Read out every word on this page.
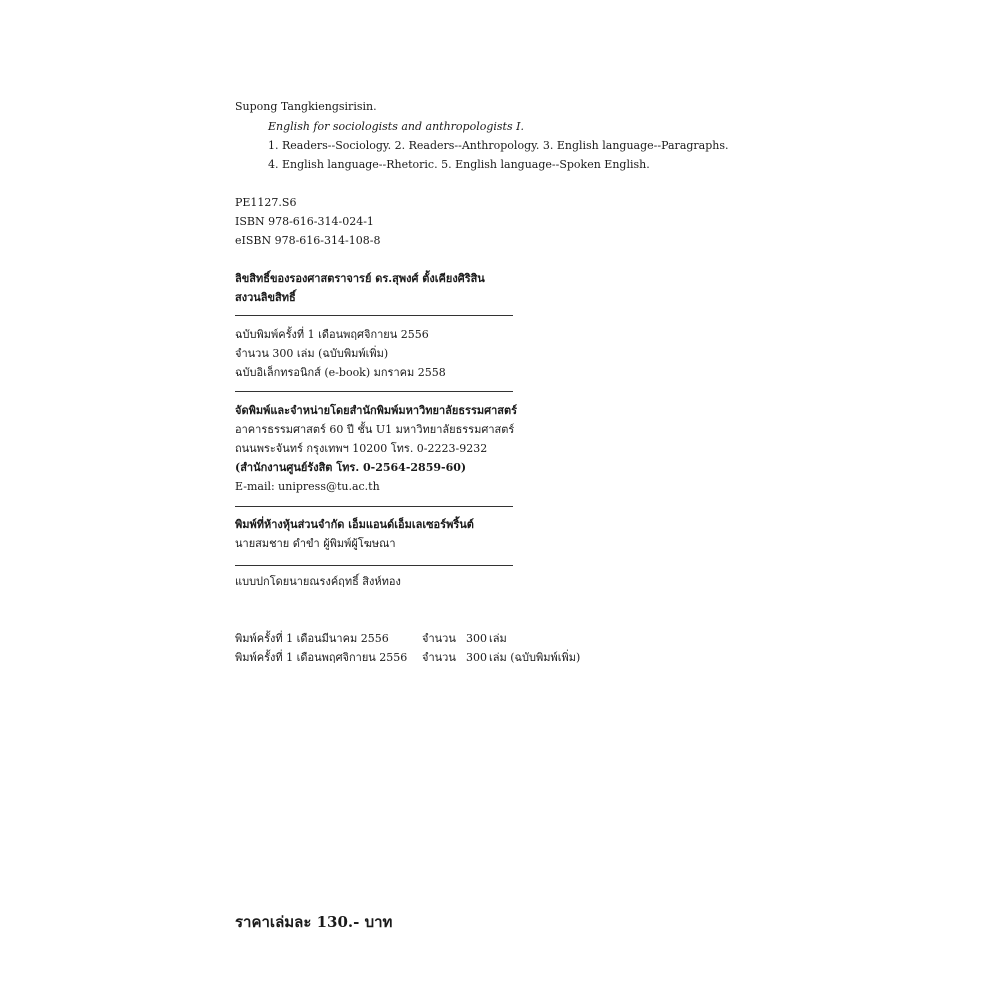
Supong Tangkiengsirisin.
English for sociologists and anthropologists I.
1. Readers--Sociology. 2. Readers--Anthropology. 3. English language--Paragraphs.
4. English language--Rhetoric. 5. English language--Spoken English.
PE1127.S6
ISBN 978-616-314-024-1
eISBN 978-616-314-108-8
ลิขสิทธิ์ของรองศาสตราจารย์ ดร.สุพงศ์ ตั้งเคียงศิริสิน
สงวนลิขสิทธิ์
ฉบับพิมพ์ครั้งที่ 1 เดือนพฤศจิกายน 2556
จำนวน 300 เล่ม (ฉบับพิมพ์เพิ่ม)
ฉบับอิเล็กทรอนิกส์ (e-book) มกราคม 2558
จัดพิมพ์และจำหน่ายโดยสำนักพิมพ์มหาวิทยาลัยธรรมศาสตร์
อาคารธรรมศาสตร์ 60 ปี ชั้น U1 มหาวิทยาลัยธรรมศาสตร์
ถนนพระจันทร์ กรุงเทพฯ 10200 โทร. 0-2223-9232
(สำนักงานศูนย์รังสิต โทร. 0-2564-2859-60)
E-mail: unipress@tu.ac.th
พิมพ์ที่ห้างหุ้นส่วนจำกัด เอ็มแอนด์เอ็มเลเซอร์พริ้นต์
นายสมชาย ดำขำ ผู้พิมพ์ผู้โฆษณา
แบบปกโดยนายณรงค์ฤทธิ์ สิงห์ทอง
พิมพ์ครั้งที่ 1 เดือนมีนาคม 2556	จำนวน 300 เล่ม
พิมพ์ครั้งที่ 1 เดือนพฤศจิกายน 2556 จำนวน 300 เล่ม (ฉบับพิมพ์เพิ่ม)
ราคาเล่มละ 130.- บาท
